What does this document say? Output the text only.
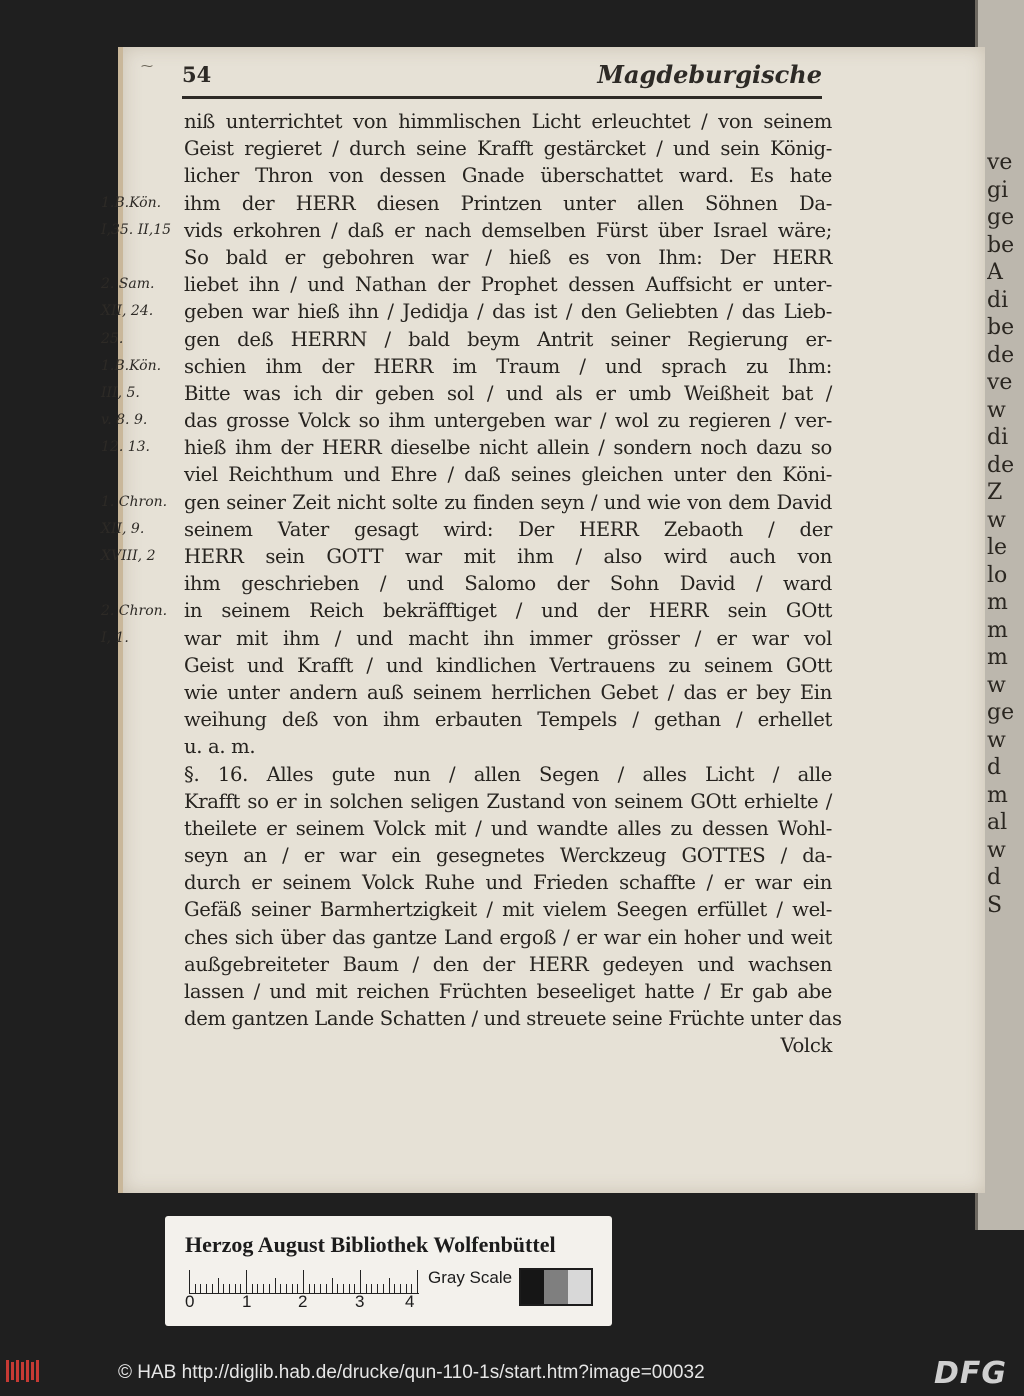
ve
gi
ge
be
A
di
be
de
ve
w
di
de
Z
w
le
lo
m
m
m
w
ge
w
d
m
al
w
d
S
⁓ 54	Magdeburgische
1.B.Kön.
I,35. II,15
2. Sam.
XII, 24.
25.
1.B.Kön.
III, 5.
v. 8. 9.
12. 13.
1. Chron.
XII, 9.
XVIII, 2
2. Chron.
I, 1.
niß unterrichtet von himmlischen Licht erleuchtet / von seinem
Geist regieret / durch seine Krafft gestärcket / und sein König-
licher Thron von dessen Gnade überschattet ward. Es hate
ihm der HERR diesen Printzen unter allen Söhnen Da-
vids erkohren / daß er nach demselben Fürst über Israel wäre;
So bald er gebohren war / hieß es von Ihm: Der HERR
liebet ihn / und Nathan der Prophet dessen Auffsicht er unter-
geben war hieß ihn / Jedidja / das ist / den Geliebten / das Lieb-
gen deß HERRN / bald beym Antrit seiner Regierung er-
schien ihm der HERR im Traum / und sprach zu Ihm:
Bitte was ich dir geben sol / und als er umb Weißheit bat /
das grosse Volck so ihm untergeben war / wol zu regieren / ver-
hieß ihm der HERR dieselbe nicht allein / sondern noch dazu so
viel Reichthum und Ehre / daß seines gleichen unter den Köni-
gen seiner Zeit nicht solte zu finden seyn / und wie von dem David
seinem Vater gesagt wird: Der HERR Zebaoth / der
HERR sein GOTT war mit ihm / also wird auch von
ihm geschrieben / und Salomo der Sohn David / ward
in seinem Reich bekräfftiget / und der HERR sein GOtt
war mit ihm / und macht ihn immer grösser / er war vol
Geist und Krafft / und kindlichen Vertrauens zu seinem GOtt
wie unter andern auß seinem herrlichen Gebet / das er bey Ein
weihung deß von ihm erbauten Tempels / gethan / erhellet
u. a. m.
§. 16. Alles gute nun / allen Segen / alles Licht / alle
Krafft so er in solchen seligen Zustand von seinem GOtt erhielte /
theilete er seinem Volck mit / und wandte alles zu dessen Wohl-
seyn an / er war ein gesegnetes Werckzeug GOTTES / da-
durch er seinem Volck Ruhe und Frieden schaffte / er war ein
Gefäß seiner Barmhertzigkeit / mit vielem Seegen erfüllet / wel-
ches sich über das gantze Land ergoß / er war ein hoher und weit
außgebreiteter Baum / den der HERR gedeyen und wachsen
lassen / und mit reichen Früchten beseeliget hatte / Er gab abe
dem gantzen Lande Schatten / und streuete seine Früchte unter das
Volck
Herzog August Bibliothek Wolfenbüttel
0	1	2	3 4
Gray Scale
© HAB http://diglib.hab.de/drucke/qun-110-1s/start.htm?image=00032	DFG
